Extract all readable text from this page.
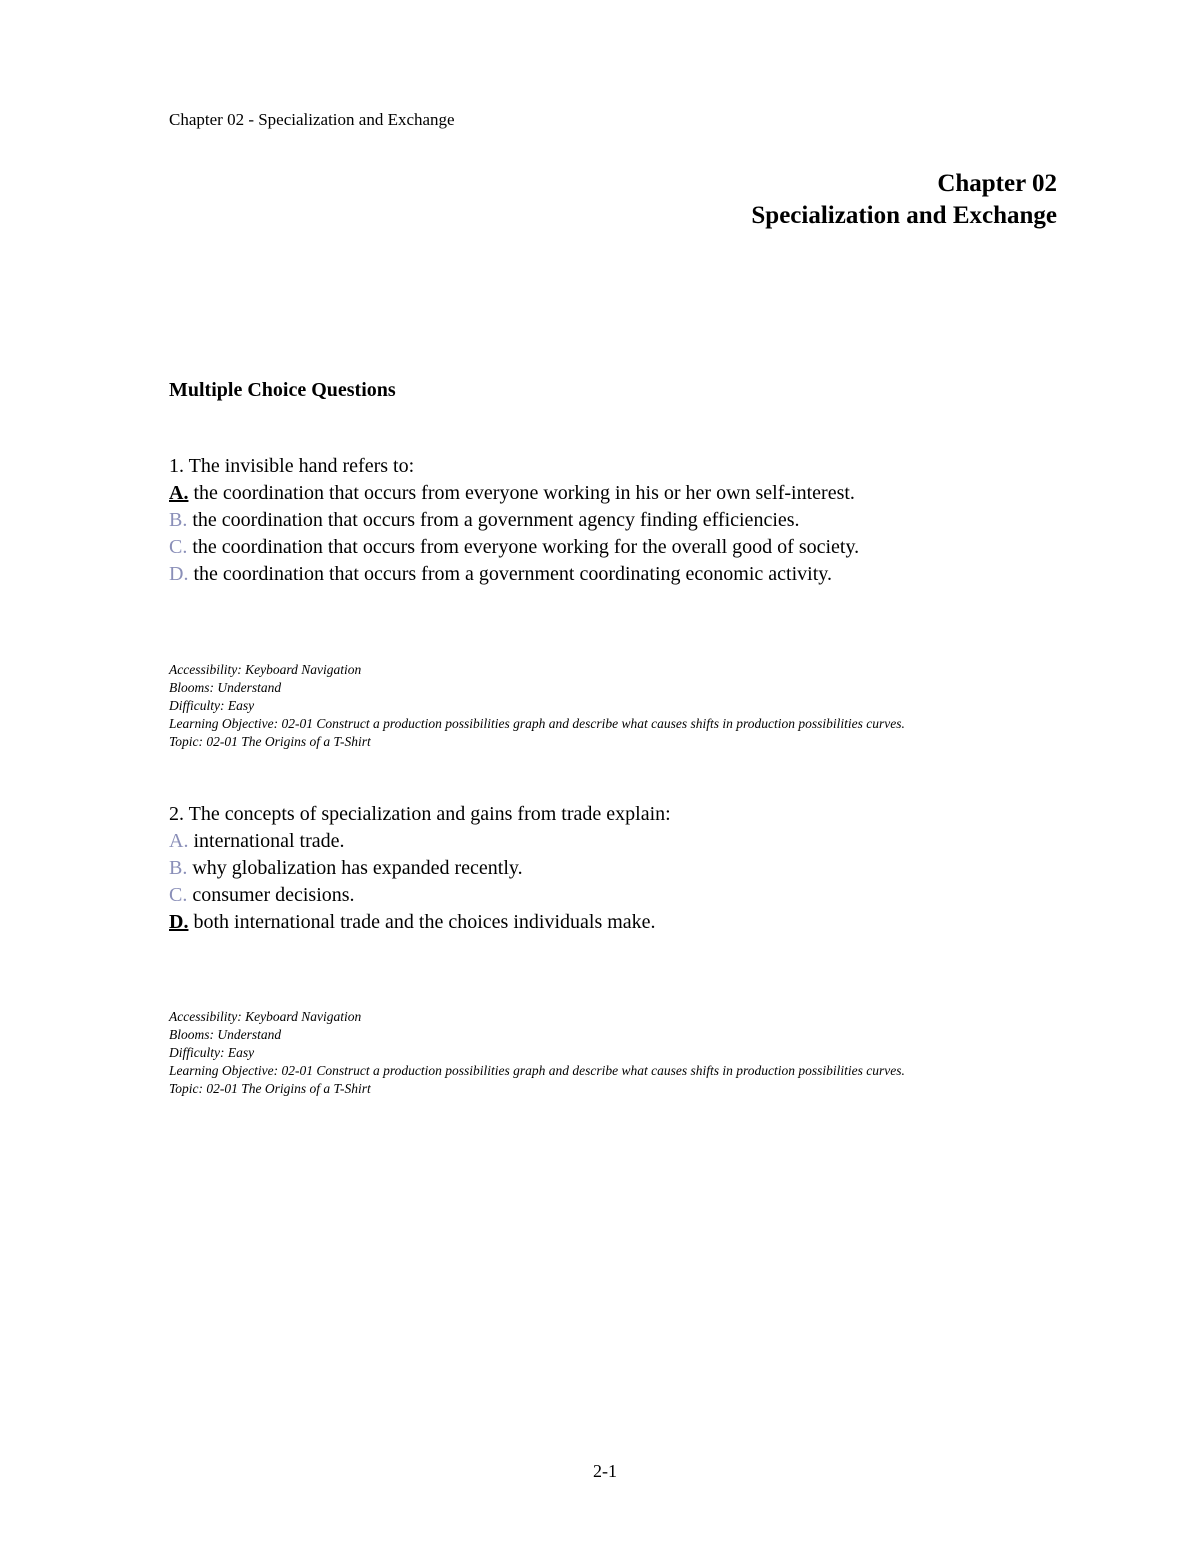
Chapter 02 - Specialization and Exchange
Chapter 02
Specialization and Exchange
Multiple Choice Questions
1. The invisible hand refers to:
A. the coordination that occurs from everyone working in his or her own self-interest.
B. the coordination that occurs from a government agency finding efficiencies.
C. the coordination that occurs from everyone working for the overall good of society.
D. the coordination that occurs from a government coordinating economic activity.
Accessibility: Keyboard Navigation
Blooms: Understand
Difficulty: Easy
Learning Objective: 02-01 Construct a production possibilities graph and describe what causes shifts in production possibilities curves.
Topic: 02-01 The Origins of a T-Shirt
2. The concepts of specialization and gains from trade explain:
A. international trade.
B. why globalization has expanded recently.
C. consumer decisions.
D. both international trade and the choices individuals make.
Accessibility: Keyboard Navigation
Blooms: Understand
Difficulty: Easy
Learning Objective: 02-01 Construct a production possibilities graph and describe what causes shifts in production possibilities curves.
Topic: 02-01 The Origins of a T-Shirt
2-1
